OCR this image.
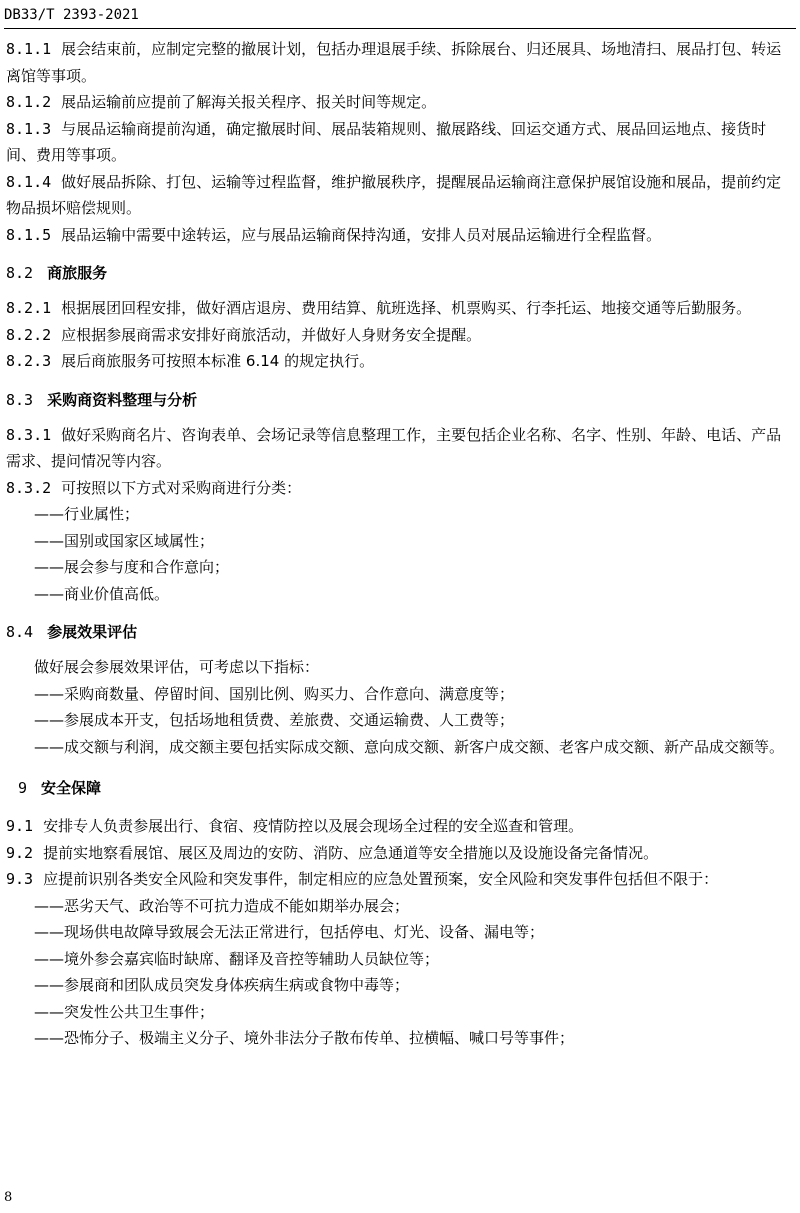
DB33/T 2393-2021

8.1.1 展会结束前，应制定完整的撤展计划，包括办理退展手续、拆除展台、归还展具、场地清扫、展品打包、转运离馆等事项。

8.1.2 展品运输前应提前了解海关报关程序、报关时间等规定。

8.1.3 与展品运输商提前沟通，确定撤展时间、展品装箱规则、撤展路线、回运交通方式、展品回运地点、接货时间、费用等事项。

8.1.4 做好展品拆除、打包、运输等过程监督，维护撤展秩序，提醒展品运输商注意保护展馆设施和展品，提前约定物品损坏赔偿规则。

8.1.5 展品运输中需要中途转运，应与展品运输商保持沟通，安排人员对展品运输进行全程监督。

8.2 商旅服务

8.2.1 根据展团回程安排，做好酒店退房、费用结算、航班选择、机票购买、行李托运、地接交通等后勤服务。

8.2.2 应根据参展商需求安排好商旅活动，并做好人身财务安全提醒。

8.2.3 展后商旅服务可按照本标准 6.14 的规定执行。

8.3 采购商资料整理与分析

8.3.1 做好采购商名片、咨询表单、会场记录等信息整理工作，主要包括企业名称、名字、性别、年龄、电话、产品需求、提问情况等内容。

8.3.2 可按照以下方式对采购商进行分类：

——行业属性；

——国别或国家区域属性；

——展会参与度和合作意向；

——商业价值高低。

8.4 参展效果评估

做好展会参展效果评估，可考虑以下指标：

——采购商数量、停留时间、国别比例、购买力、合作意向、满意度等；

——参展成本开支，包括场地租赁费、差旅费、交通运输费、人工费等；

——成交额与利润，成交额主要包括实际成交额、意向成交额、新客户成交额、老客户成交额、新产品成交额等。

9 安全保障

9.1 安排专人负责参展出行、食宿、疫情防控以及展会现场全过程的安全巡查和管理。

9.2 提前实地察看展馆、展区及周边的安防、消防、应急通道等安全措施以及设施设备完备情况。

9.3 应提前识别各类安全风险和突发事件，制定相应的应急处置预案，安全风险和突发事件包括但不限于：

——恶劣天气、政治等不可抗力造成不能如期举办展会；

——现场供电故障导致展会无法正常进行，包括停电、灯光、设备、漏电等；

——境外参会嘉宾临时缺席、翻译及音控等辅助人员缺位等；

——参展商和团队成员突发身体疾病生病或食物中毒等；

——突发性公共卫生事件；

——恐怖分子、极端主义分子、境外非法分子散布传单、拉横幅、喊口号等事件；

8
